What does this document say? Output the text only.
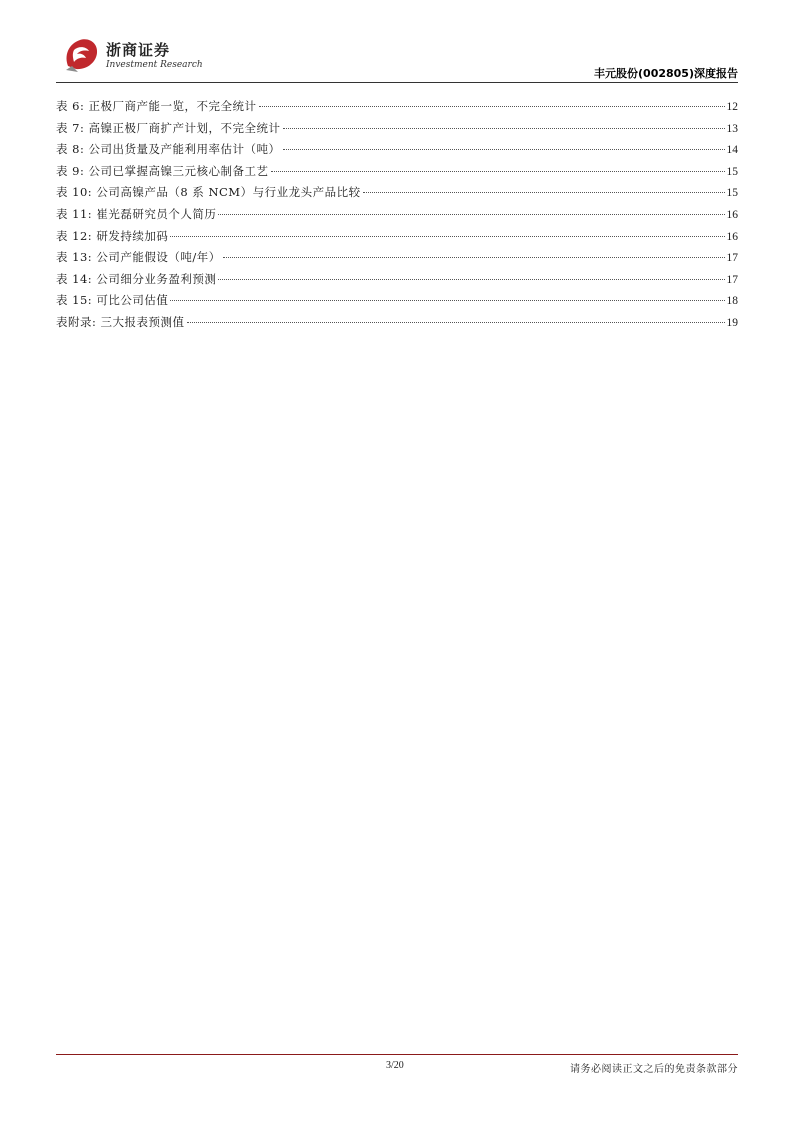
浙商证券
Investment Research
丰元股份(002805)深度报告
表 6: 正极厂商产能一览，不完全统计	12
表 7: 高镍正极厂商扩产计划，不完全统计	13
表 8: 公司出货量及产能利用率估计（吨）	14
表 9: 公司已掌握高镍三元核心制备工艺	15
表 10: 公司高镍产品（8 系 NCM）与行业龙头产品比较	15
表 11: 崔光磊研究员个人简历	16
表 12: 研发持续加码	16
表 13: 公司产能假设（吨/年）	17
表 14: 公司细分业务盈利预测	17
表 15: 可比公司估值	18
表附录: 三大报表预测值	19
3/20	请务必阅读正文之后的免责条款部分
